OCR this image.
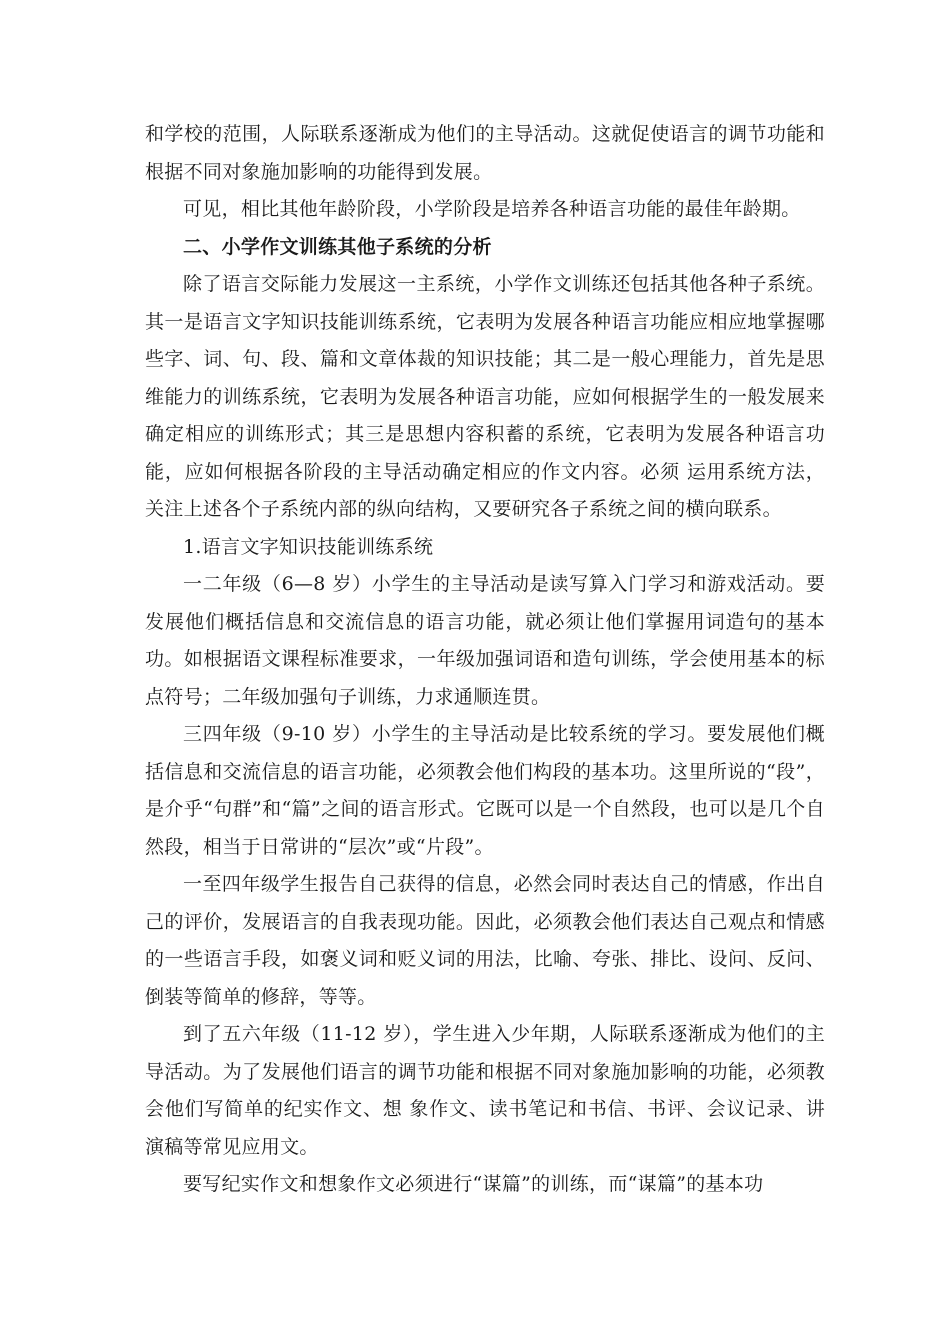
和学校的范围，人际联系逐渐成为他们的主导活动。这就促使语言的调节功能和根据不同对象施加影响的功能得到发展。

可见，相比其他年龄阶段，小学阶段是培养各种语言功能的最佳年龄期。

二、小学作文训练其他子系统的分析

除了语言交际能力发展这一主系统，小学作文训练还包括其他各种子系统。其一是语言文字知识技能训练系统，它表明为发展各种语言功能应相应地掌握哪些字、词、句、段、篇和文章体裁的知识技能；其二是一般心理能力，首先是思维能力的训练系统，它表明为发展各种语言功能，应如何根据学生的一般发展来确定相应的训练形式；其三是思想内容积蓄的系统，它表明为发展各种语言功能，应如何根据各阶段的主导活动确定相应的作文内容。必须 运用系统方法，关注上述各个子系统内部的纵向结构，又要研究各子系统之间的横向联系。

1.语言文字知识技能训练系统

一二年级（6—8 岁）小学生的主导活动是读写算入门学习和游戏活动。要发展他们概括信息和交流信息的语言功能，就必须让他们掌握用词造句的基本功。如根据语文课程标准要求，一年级加强词语和造句训练，学会使用基本的标点符号；二年级加强句子训练，力求通顺连贯。

三四年级（9-10 岁）小学生的主导活动是比较系统的学习。要发展他们概括信息和交流信息的语言功能，必须教会他们构段的基本功。这里所说的“段”，是介乎“句群”和“篇”之间的语言形式。它既可以是一个自然段，也可以是几个自然段，相当于日常讲的“层次”或“片段”。

一至四年级学生报告自己获得的信息，必然会同时表达自己的情感，作出自己的评价，发展语言的自我表现功能。因此，必须教会他们表达自己观点和情感的一些语言手段，如褒义词和贬义词的用法，比喻、夸张、排比、设问、反问、倒装等简单的修辞，等等。

到了五六年级（11-12 岁），学生进入少年期，人际联系逐渐成为他们的主导活动。为了发展他们语言的调节功能和根据不同对象施加影响的功能，必须教会他们写简单的纪实作文、想 象作文、读书笔记和书信、书评、会议记录、讲演稿等常见应用文。

要写纪实作文和想象作文必须进行“谋篇”的训练，而“谋篇”的基本功
